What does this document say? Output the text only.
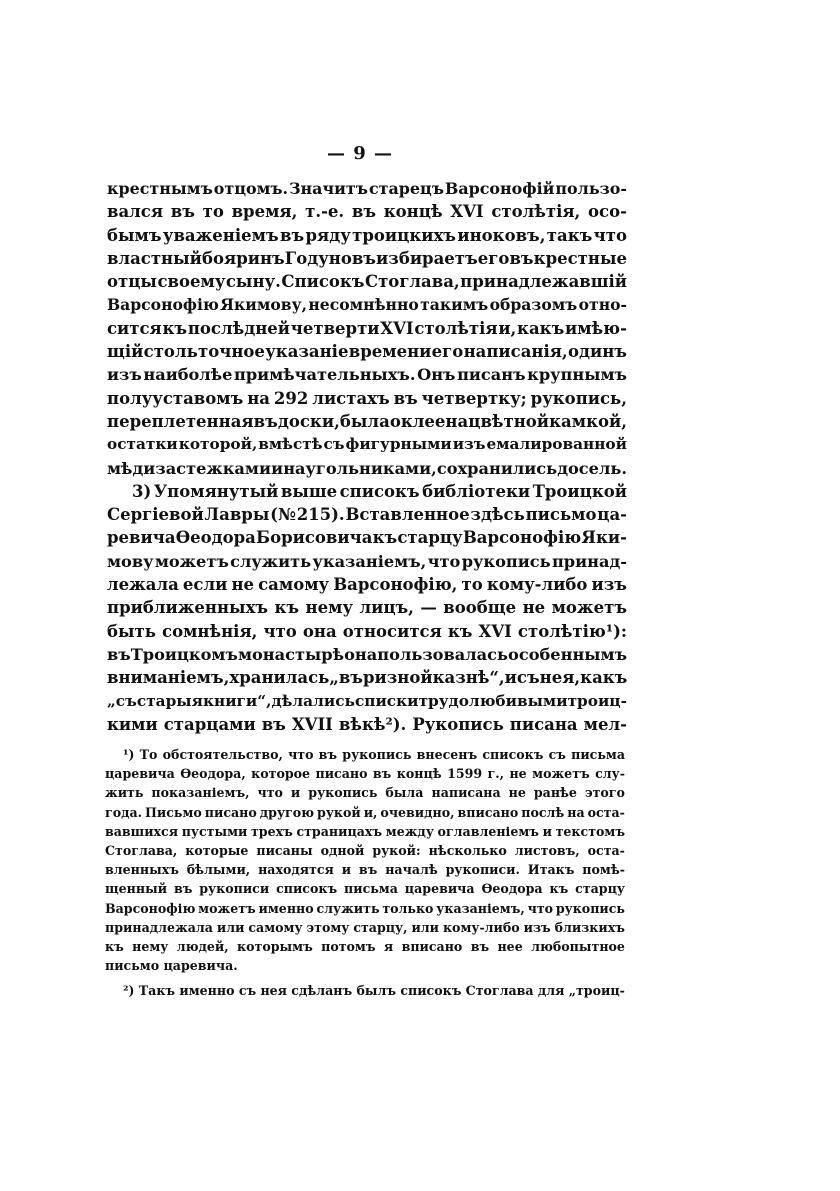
— 9 —
крестнымъ отцомъ. Значитъ старецъ Варсонофій пользо-
вался въ то время, т.-е. въ концѣ XVI столѣтія, осо-
бымъ уваженіемъ въ ряду троицкихъ иноковъ, такъ что
властный бояринъ Годуновъ избираетъ его въ крестные
отцы своему сыну. Списокъ Стоглава, принадлежавшій
Варсонофію Якимову, несомнѣнно такимъ образомъ отно-
сится къ послѣдней четверти XVI столѣтія и, какъ имѣю-
щій столь точное указаніе времени его написанія, одинъ
изъ наиболѣе примѣчательныхъ. Онъ писанъ крупнымъ
полууставомъ на 292 листахъ въ четвертку; рукопись,
переплетенная въ доски, была оклеена цвѣтной камкой,
остатки которой, вмѣстѣ съ фигурными изъ емалированной
мѣди застежками и наугольниками, сохранились досель.
3) Упомянутый выше списокъ библіотеки Троицкой
Сергіевой Лавры (№ 215). Вставленное здѣсь письмо ца-
ревича Ѳеодора Борисовича къ старцу Варсонофію Яки-
мову можетъ служить указаніемъ, что рукопись принад-
лежала если не самому Варсонофію, то кому-либо изъ
приближенныхъ къ нему лицъ, — вообще не можетъ
быть сомнѣнія, что она относится къ XVI столѣтію¹):
въ Троицкомъ монастырѣ она пользовалась особеннымъ
вниманіемъ, хранилась „въ ризной казнѣ“, и съ нея, какъ
„съ старыя книги“, дѣлались списки трудолюбивыми троиц-
кими старцами въ XVII вѣкѣ²). Рукопись писана мел-
¹) То обстоятельство, что въ рукопись внесенъ списокъ съ письма
царевича Ѳеодора, которое писано въ концѣ 1599 г., не можетъ слу-
жить показаніемъ, что и рукопись была написана не ранѣе этого
года. Письмо писано другою рукой и, очевидно, вписано послѣ на оста-
вавшихся пустыми трехъ страницахъ между оглавленіемъ и текстомъ
Стоглава, которые писаны одной рукой: нѣсколько листовъ, оста-
вленныхъ бѣлыми, находятся и въ началѣ рукописи. Итакъ помѣ-
щенный въ рукописи списокъ письма царевича Ѳеодора къ старцу
Варсонофію можетъ именно служить только указаніемъ, что рукопись
принадлежала или самому этому старцу, или кому-либо изъ близкихъ
къ нему людей, которымъ потомъ я вписано въ нее любопытное
письмо царевича.
²) Такъ именно съ нея сдѣланъ былъ списокъ Стоглава для „троиц-
